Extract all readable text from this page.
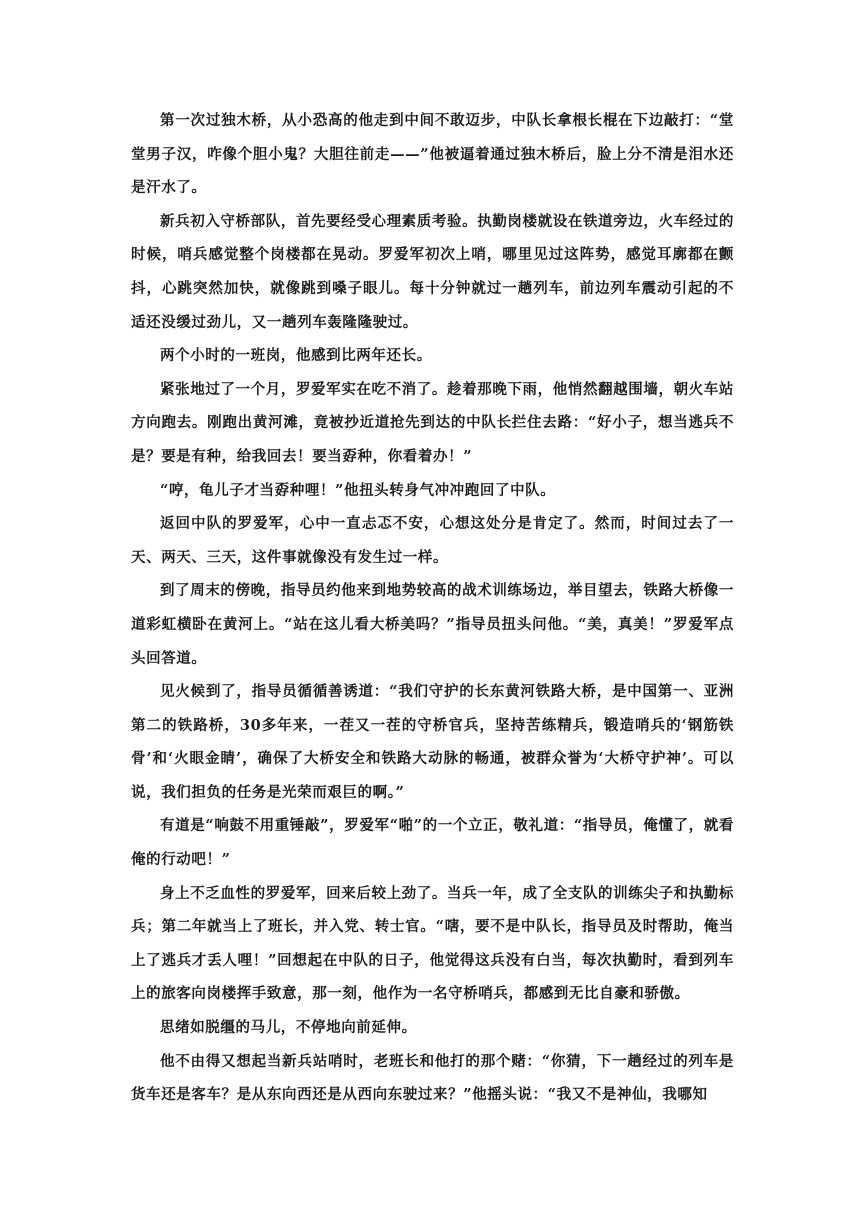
第一次过独木桥，从小恐高的他走到中间不敢迈步，中队长拿根长棍在下边敲打：“堂堂男子汉，咋像个胆小鬼？大胆往前走——”他被逼着通过独木桥后，脸上分不清是泪水还是汗水了。

新兵初入守桥部队，首先要经受心理素质考验。执勤岗楼就设在铁道旁边，火车经过的时候，哨兵感觉整个岗楼都在晃动。罗爱军初次上哨，哪里见过这阵势，感觉耳廓都在颤抖，心跳突然加快，就像跳到嗓子眼儿。每十分钟就过一趟列车，前边列车震动引起的不适还没缓过劲儿，又一趟列车轰隆隆驶过。

两个小时的一班岗，他感到比两年还长。

紧张地过了一个月，罗爱军实在吃不消了。趁着那晚下雨，他悄然翻越围墙，朝火车站方向跑去。刚跑出黄河滩，竟被抄近道抢先到达的中队长拦住去路：“好小子，想当逃兵不是？要是有种，给我回去！要当孬种，你看着办！”

“哼，龟儿子才当孬种哩！”他扭头转身气冲冲跑回了中队。

返回中队的罗爱军，心中一直忐忑不安，心想这处分是肯定了。然而，时间过去了一天、两天、三天，这件事就像没有发生过一样。

到了周末的傍晚，指导员约他来到地势较高的战术训练场边，举目望去，铁路大桥像一道彩虹横卧在黄河上。“站在这儿看大桥美吗？”指导员扭头问他。“美，真美！”罗爱军点头回答道。

见火候到了，指导员循循善诱道：“我们守护的长东黄河铁路大桥，是中国第一、亚洲第二的铁路桥，30多年来，一茬又一茬的守桥官兵，坚持苦练精兵，锻造哨兵的‘钢筋铁骨’和‘火眼金睛’，确保了大桥安全和铁路大动脉的畅通，被群众誉为‘大桥守护神’。可以说，我们担负的任务是光荣而艰巨的啊。”

有道是“响鼓不用重锤敲”，罗爱军“啪”的一个立正，敬礼道：“指导员，俺懂了，就看俺的行动吧！”

身上不乏血性的罗爱军，回来后较上劲了。当兵一年，成了全支队的训练尖子和执勤标兵；第二年就当上了班长，并入党、转士官。“嗐，要不是中队长，指导员及时帮助，俺当上了逃兵才丢人哩！”回想起在中队的日子，他觉得这兵没有白当，每次执勤时，看到列车上的旅客向岗楼挥手致意，那一刻，他作为一名守桥哨兵，都感到无比自豪和骄傲。

思绪如脱缰的马儿，不停地向前延伸。

他不由得又想起当新兵站哨时，老班长和他打的那个赌：“你猜，下一趟经过的列车是货车还是客车？是从东向西还是从西向东驶过来？”他摇头说：“我又不是神仙，我哪知
